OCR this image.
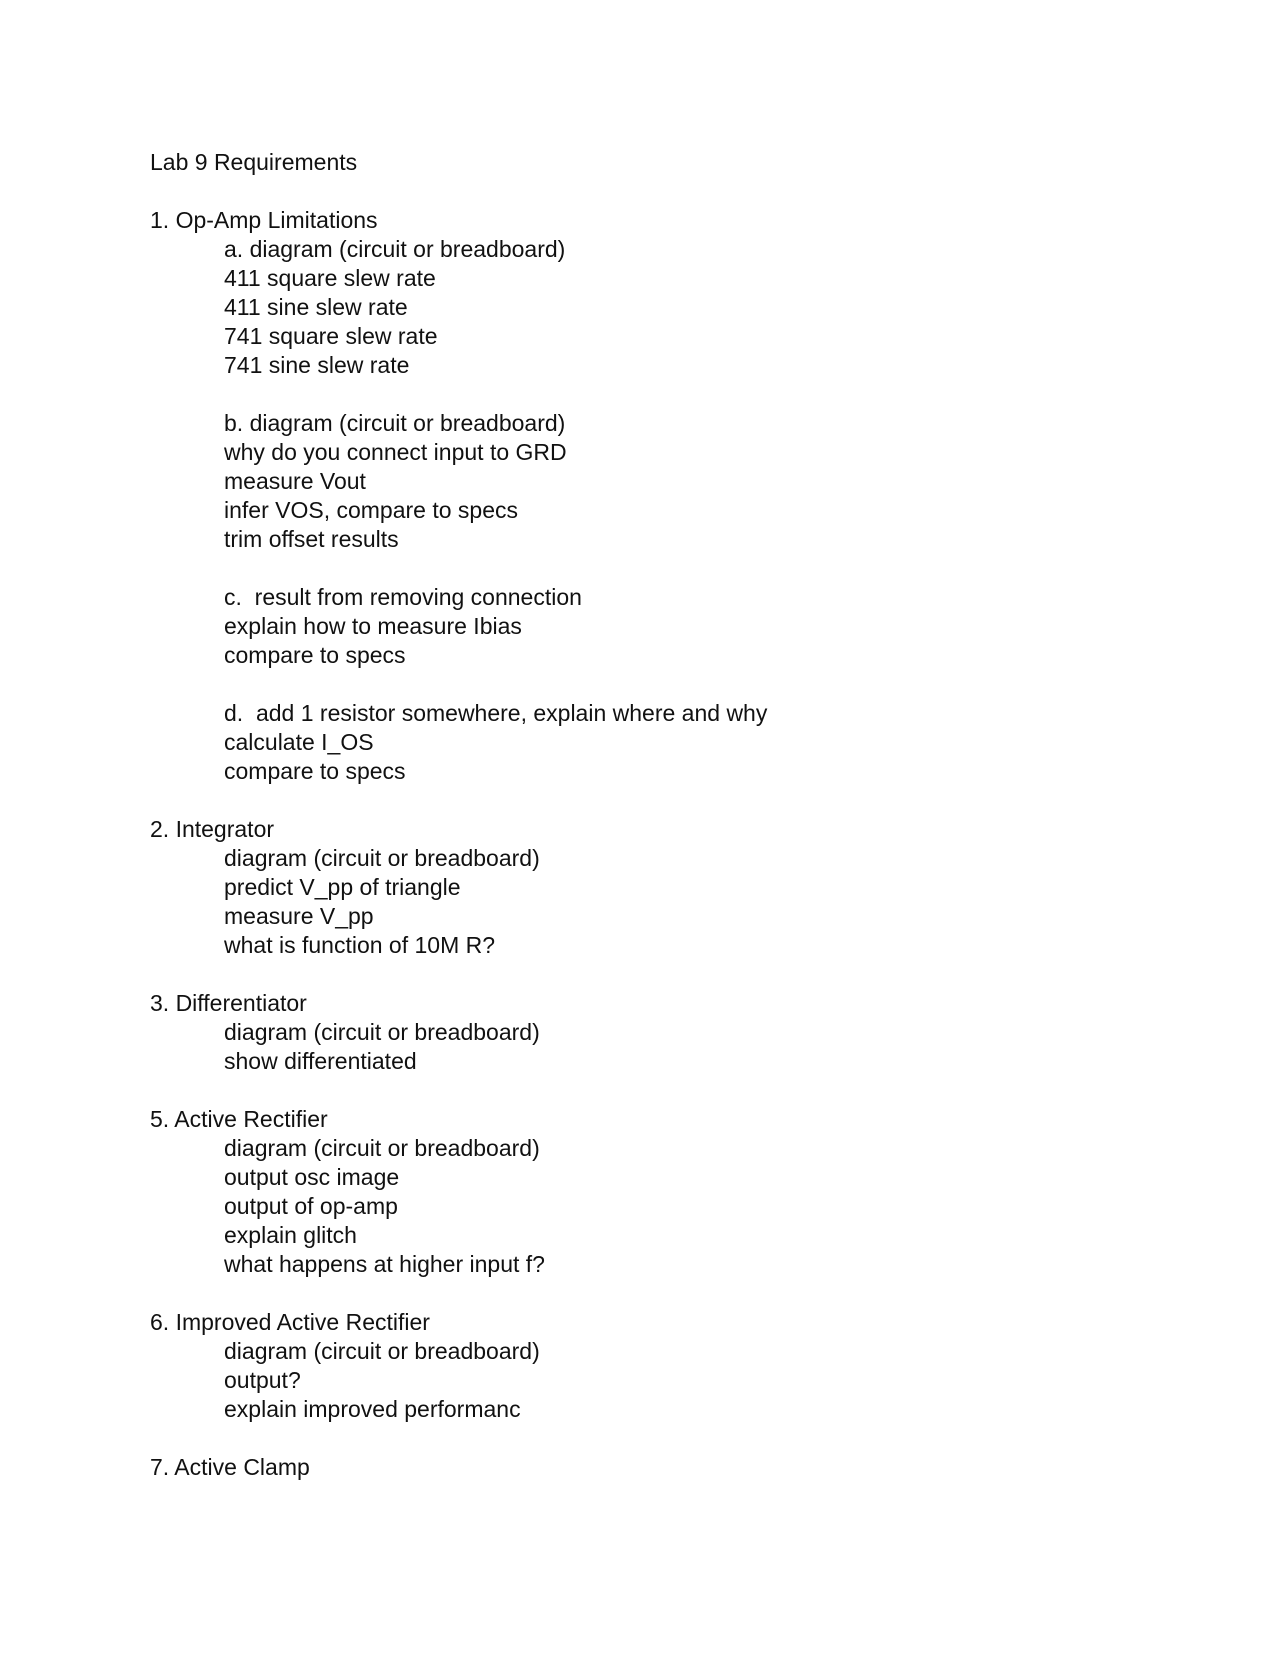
Lab 9 Requirements
1. Op-Amp Limitations
a. diagram (circuit or breadboard)
411 square slew rate
411 sine slew rate
741 square slew rate
741 sine slew rate
b. diagram (circuit or breadboard)
why do you connect input to GRD
measure Vout
infer VOS, compare to specs
trim offset results
c.  result from removing connection
explain how to measure Ibias
compare to specs
d.  add 1 resistor somewhere, explain where and why
calculate I_OS
compare to specs
2. Integrator
diagram (circuit or breadboard)
predict V_pp of triangle
measure V_pp
what is function of 10M R?
3. Differentiator
diagram (circuit or breadboard)
show differentiated
5. Active Rectifier
diagram (circuit or breadboard)
output osc image
output of op-amp
explain glitch
what happens at higher input f?
6. Improved Active Rectifier
diagram (circuit or breadboard)
output?
explain improved performanc
7. Active Clamp
